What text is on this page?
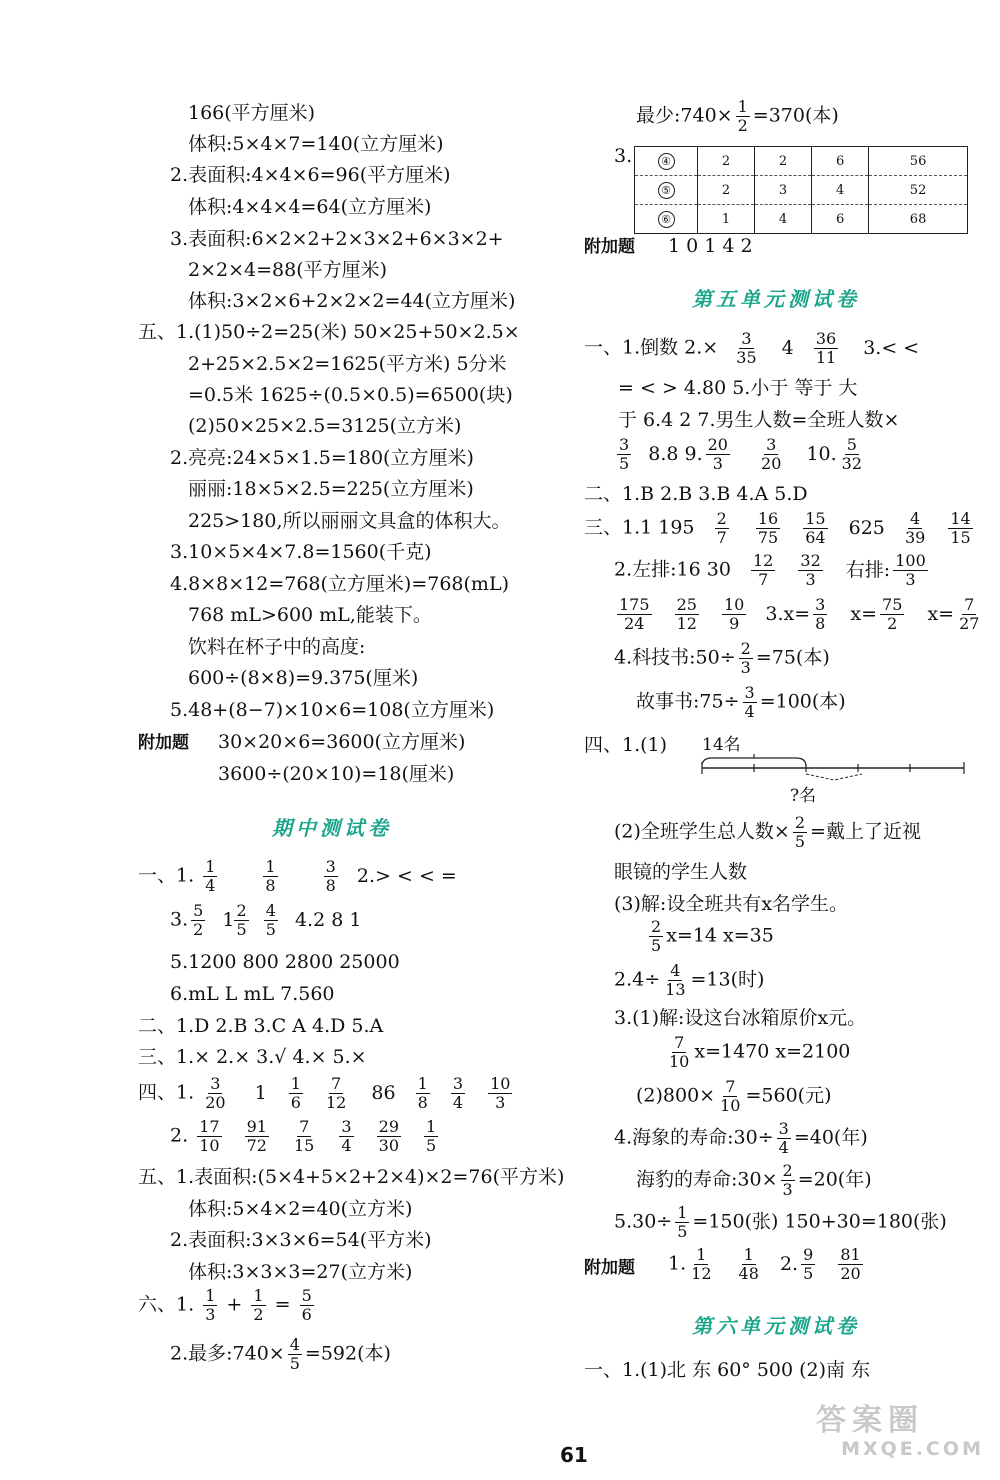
166(平方厘米)
体积:5×4×7=140(立方厘米)
2.表面积:4×4×6=96(平方厘米)
体积:4×4×4=64(立方厘米)
3.表面积:6×2×2+2×3×2+6×3×2+
2×2×4=88(平方厘米)
体积:3×2×6+2×2×2=44(立方厘米)
五、1.(1)50÷2=25(米) 50×25+50×2.5×
2+25×2.5×2=1625(平方米) 5分米
=0.5米 1625÷(0.5×0.5)=6500(块)
(2)50×25×2.5=3125(立方米)
2.亮亮:24×5×1.5=180(立方厘米)
丽丽:18×5×2.5=225(立方厘米)
225>180,所以丽丽文具盒的体积大。
3.10×5×4×7.8=1560(千克)
4.8×8×12=768(立方厘米)=768(mL)
768 mL>600 mL,能装下。
饮料在杯子中的高度:
600÷(8×8)=9.375(厘米)
5.48+(8−7)×10×6=108(立方厘米)
附加题 30×20×6=3600(立方厘米)
3600÷(20×10)=18(厘米)
期中测试卷
一、1. $\frac{1}{4}$
	$\frac{1}{8}$
	$\frac{3}{8} 2.>$ < < =
3. $\frac{5}{2} 1 \frac{2}{5}$
$\frac{4}{5} 4.2$ 8 1
5.1200 800 2800 25000
6.mL L mL 7.560
二、1.D 2.B 3.C A 4.D 5.A
三、1.× 2.× 3.√ 4.× 5.×
四、1. $\frac{3}{20} 1 \frac{1}{6}$
$\frac{7}{12} 86 \frac{1}{8}$
$\frac{3}{4}$
$\frac{10}{3}$
2. $\frac{17}{10}$
$\frac{91}{72}$
$\frac{7}{15}$
$\frac{3}{4}$
$\frac{29}{30}$
$\frac{1}{5}$
五、1.表面积:(5×4+5×2+2×4)×2=76(平方米)
体积:5×4×2=40(立方米)
2.表面积:3×3×6=54(平方米)
体积:3×3×3=27(立方米)
六、1. $\frac{1}{3} + \frac{1}{2} = \frac{5}{6}$
2.最多:740× $\frac{4}{5} =592$(本)
最少:740× $\frac{1}{2} =370$(本)
3.	④	2	2	6	56
⑤	2	3	4	52
⑥	1	4	6	68
附加题 1 0 1 4 2
第五单元测试卷
一、1.倒数 $2.\times \frac{3}{35} 4 \frac{36}{11} 3.<$ <
= < > 4.80 5.小于 等于 大
于 6.4 2 7.男生人数=全班人数×
$\frac{3}{5} 8.8$ 9. $\frac{20}{3}$
$\frac{3}{20} 10$. $\frac{5}{32}$
二、1.B 2.B 3.B 4.A 5.D
三、1.1 $195 \frac{2}{7}$
$\frac{16}{75}$
$\frac{15}{64} 625 \frac{4}{39}$
$\frac{14}{15}$
2.左排:16 $30 \frac{12}{7}$
$\frac{32}{3}$ 右排: $\frac{100}{3}$
$\frac{175}{24}$
$\frac{25}{12}$
$\frac{10}{9} 3.x= \frac{3}{8} x= \frac{75}{2} x= \frac{7}{27}$
4.科技书:50÷ $\frac{2}{3} =75$(本)
故事书:75÷ $\frac{3}{4} =100$(本)
四、1.(1) 14名
?名
(2)全班学生总人数× $\frac{2}{5}$ =戴上了近视
眼镜的学生人数
(3)解:设全班共有x名学生。
$\frac{2}{5} x=14$ x=35
$2.4\div \frac{4}{13} =13$(时)
3.(1)解:设这台冰箱原价x元。
$\frac{7}{10} x=1470$ x=2100
$(2)800\times \frac{7}{10} =560$(元)
4.海象的寿命:30÷ $\frac{3}{4} =40$(年)
海豹的寿命:30× $\frac{2}{3} =20$(年)
$5.30\div \frac{1}{5} =150$(张) 150+30=180(张)
附加题 1. $\frac{1}{12}$
$\frac{1}{48} 2$. $\frac{9}{5}$
$\frac{81}{20}$
第六单元测试卷
一、1.(1)北 东 60° 500 (2)南 东
61
答案圈
MXQE.COM
